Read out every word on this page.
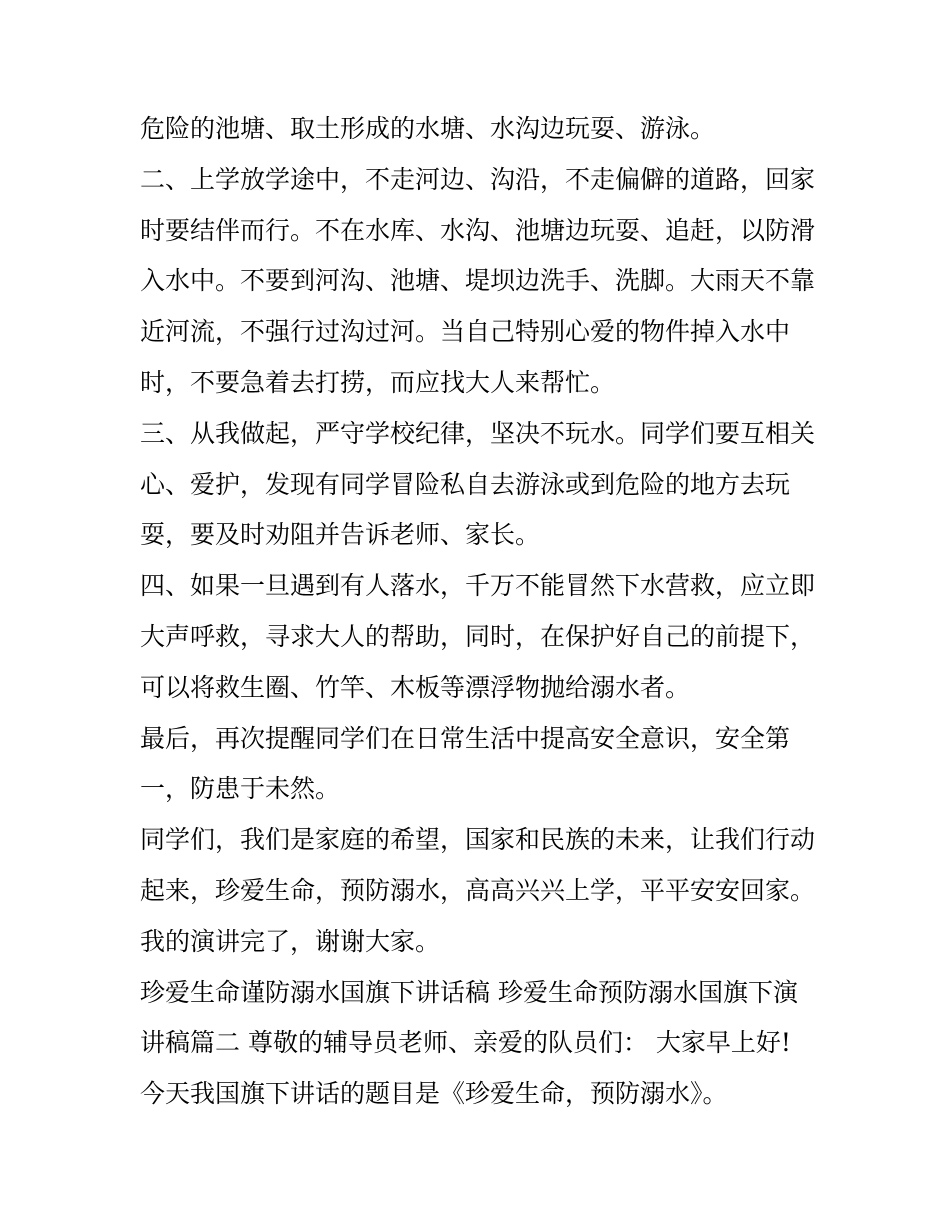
危险的池塘、取土形成的水塘、水沟边玩耍、游泳。
二、上学放学途中，不走河边、沟沿，不走偏僻的道路，回家
时要结伴而行。不在水库、水沟、池塘边玩耍、追赶，以防滑
入水中。不要到河沟、池塘、堤坝边洗手、洗脚。大雨天不靠
近河流，不强行过沟过河。当自己特别心爱的物件掉入水中
时，不要急着去打捞，而应找大人来帮忙。
三、从我做起，严守学校纪律，坚决不玩水。同学们要互相关
心、爱护，发现有同学冒险私自去游泳或到危险的地方去玩
耍，要及时劝阻并告诉老师、家长。
四、如果一旦遇到有人落水，千万不能冒然下水营救，应立即
大声呼救，寻求大人的帮助，同时，在保护好自己的前提下，
可以将救生圈、竹竿、木板等漂浮物抛给溺水者。
最后，再次提醒同学们在日常生活中提高安全意识，安全第
一，防患于未然。
同学们，我们是家庭的希望，国家和民族的未来，让我们行动
起来，珍爱生命，预防溺水，高高兴兴上学，平平安安回家。
我的演讲完了，谢谢大家。
珍爱生命谨防溺水国旗下讲话稿 珍爱生命预防溺水国旗下演
讲稿篇二 尊敬的辅导员老师、亲爱的队员们： 大家早上好!
今天我国旗下讲话的题目是《珍爱生命，预防溺水》。
